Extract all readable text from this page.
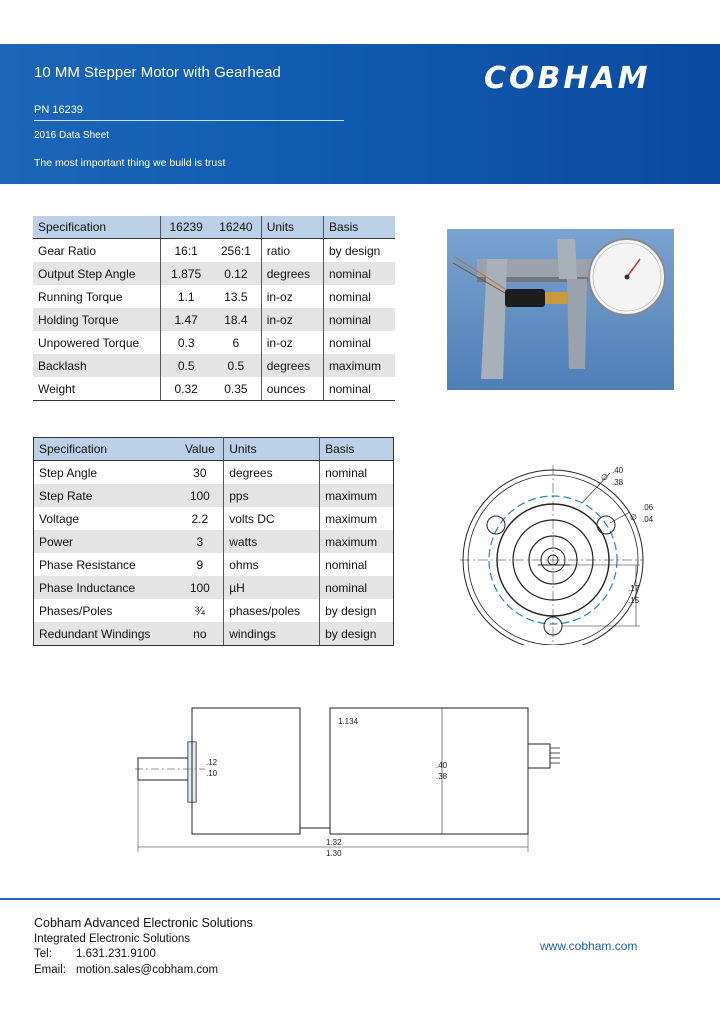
10 MM Stepper Motor with Gearhead
PN 16239
2016 Data Sheet
The most important thing we build is trust
COBHAM
Specification	16239	16240	Units	Basis
Gear Ratio	16:1	256:1	ratio	by design
Output Step Angle	1.875	0.12	degrees	nominal
Running Torque	1.1	13.5	in-oz	nominal
Holding Torque	1.47	18.4	in-oz	nominal
Unpowered Torque	0.3	6	in-oz	nominal
Backlash	0.5	0.5	degrees	maximum
Weight	0.32	0.35	ounces	nominal
Specification	Value	Units	Basis
Step Angle	30	degrees	nominal
Step Rate	100	pps	maximum
Voltage	2.2	volts DC	maximum
Power	3	watts	maximum
Phase Resistance	9	ohms	nominal
Phase Inductance	100	µH	nominal
Phases/Poles	¾	phases/poles	by design
Redundant Windings	no	windings	by design
∅
.40
.38
∅
.06
.04
.17
.15
.12
.10
1.134
.40
.38
1.32
1.30
Cobham Advanced Electronic Solutions
Integrated Electronic Solutions
Tel: 1.631.231.9100
Email: motion.sales@cobham.com
www.cobham.com
